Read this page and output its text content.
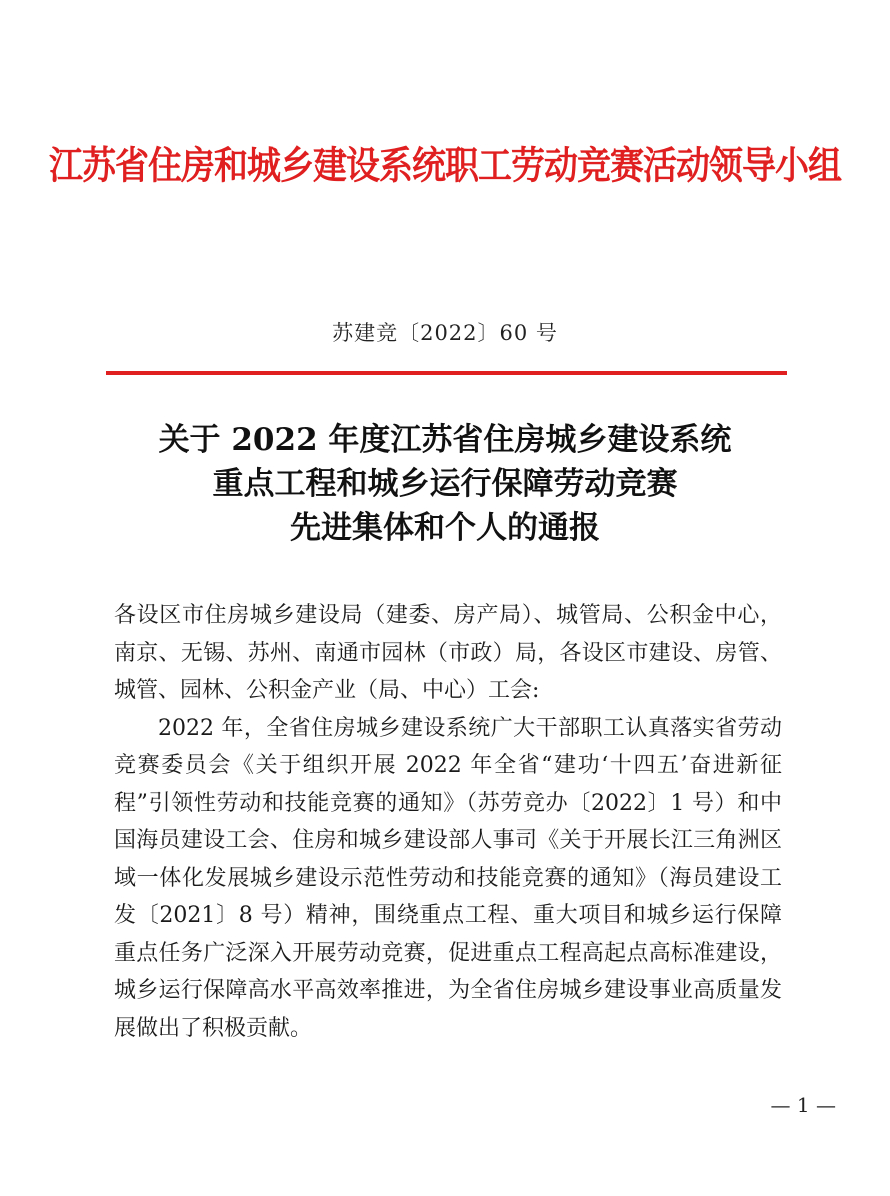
江苏省住房和城乡建设系统职工劳动竞赛活动领导小组
苏建竞〔2022〕60 号
关于 2022 年度江苏省住房城乡建设系统
重点工程和城乡运行保障劳动竞赛
先进集体和个人的通报

各设区市住房城乡建设局（建委、房产局）、城管局、公积金中心，南京、无锡、苏州、南通市园林（市政）局，各设区市建设、房管、城管、园林、公积金产业（局、中心）工会:

2022 年，全省住房城乡建设系统广大干部职工认真落实省劳动竞赛委员会《关于组织开展 2022 年全省“建功‘十四五’奋进新征程”引领性劳动和技能竞赛的通知》（苏劳竞办〔2022〕1 号）和中国海员建设工会、住房和城乡建设部人事司《关于开展长江三角洲区域一体化发展城乡建设示范性劳动和技能竞赛的通知》（海员建设工发〔2021〕8 号）精神，围绕重点工程、重大项目和城乡运行保障重点任务广泛深入开展劳动竞赛，促进重点工程高起点高标准建设，城乡运行保障高水平高效率推进，为全省住房城乡建设事业高质量发展做出了积极贡献。

— 1 —
